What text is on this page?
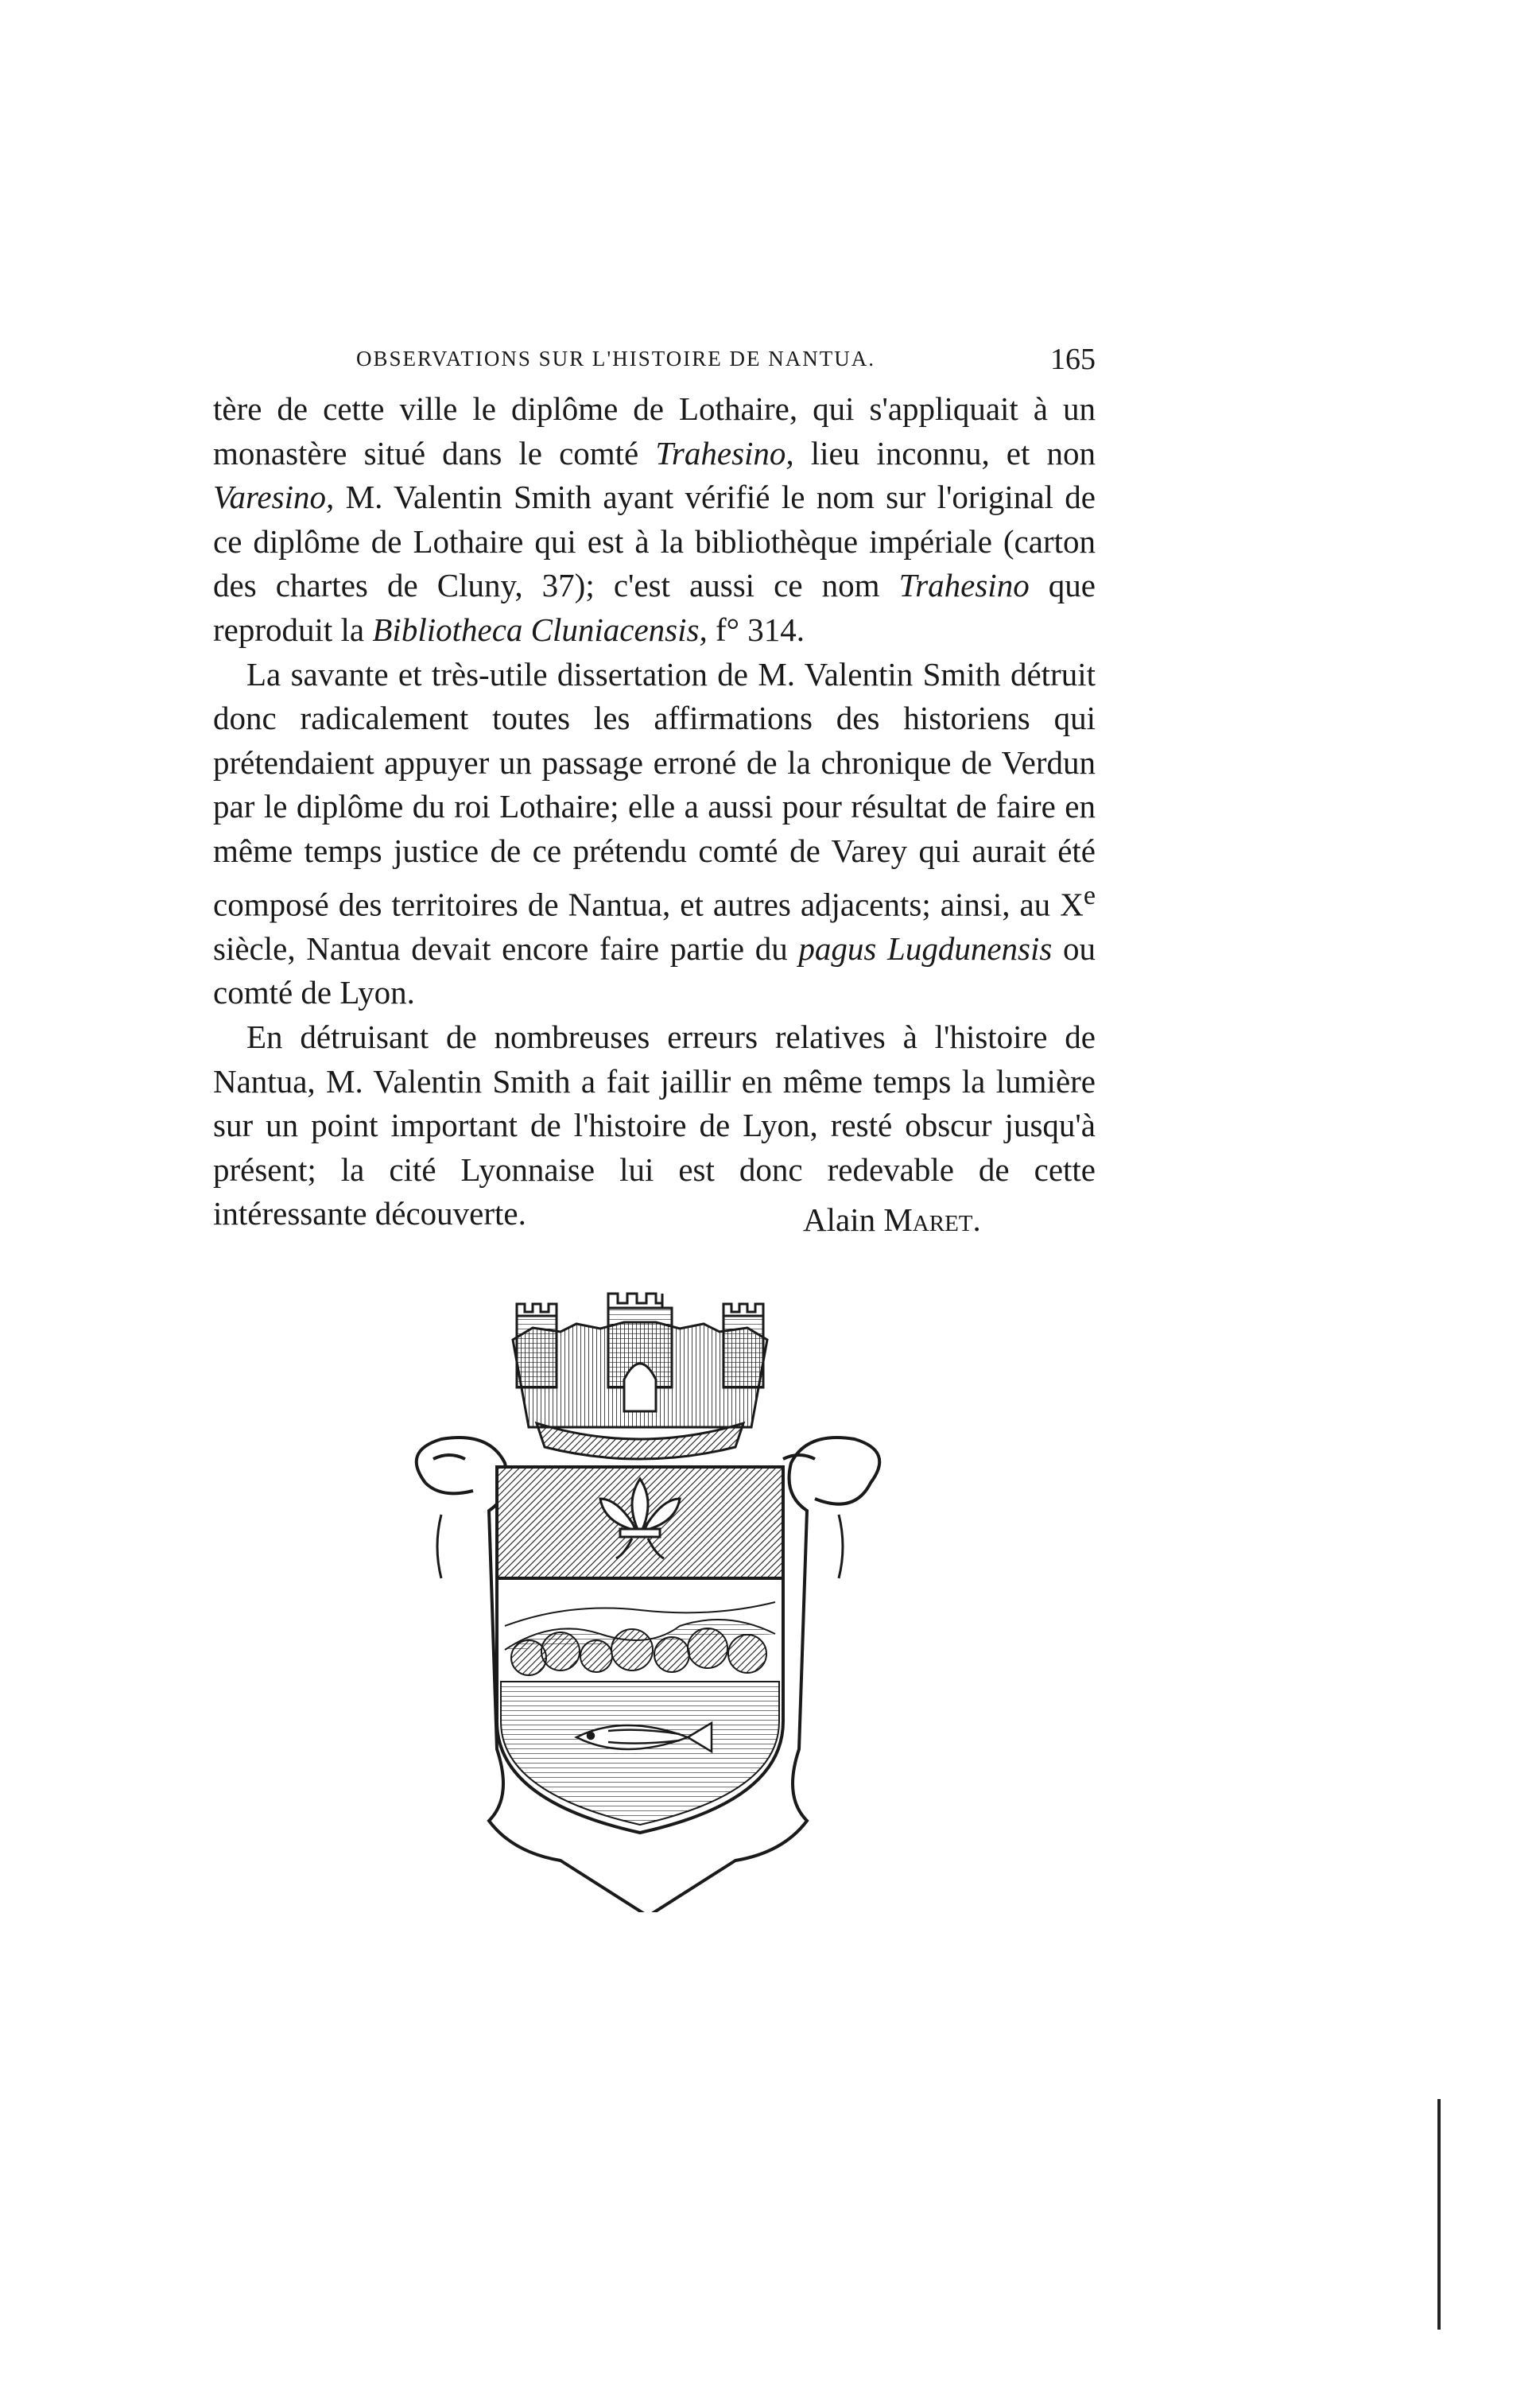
OBSERVATIONS SUR L'HISTOIRE DE NANTUA.	165

tère de cette ville le diplôme de Lothaire, qui s'appliquait à un monastère situé dans le comté Trahesino, lieu inconnu, et non Varesino, M. Valentin Smith ayant vérifié le nom sur l'original de ce diplôme de Lothaire qui est à la bibliothèque impériale (carton des chartes de Cluny, 37); c'est aussi ce nom Trahesino que reproduit la Bibliotheca Cluniacensis, f° 314.

La savante et très-utile dissertation de M. Valentin Smith détruit donc radicalement toutes les affirmations des historiens qui prétendaient appuyer un passage erroné de la chronique de Verdun par le diplôme du roi Lothaire; elle a aussi pour résultat de faire en même temps justice de ce prétendu comté de Varey qui aurait été composé des territoires de Nantua, et autres adjacents; ainsi, au Xe siècle, Nantua devait encore faire partie du pagus Lugdunensis ou comté de Lyon.

En détruisant de nombreuses erreurs relatives à l'histoire de Nantua, M. Valentin Smith a fait jaillir en même temps la lumière sur un point important de l'histoire de Lyon, resté obscur jusqu'à présent; la cité Lyonnaise lui est donc redevable de cette intéressante découverte.	Alain Maret.
